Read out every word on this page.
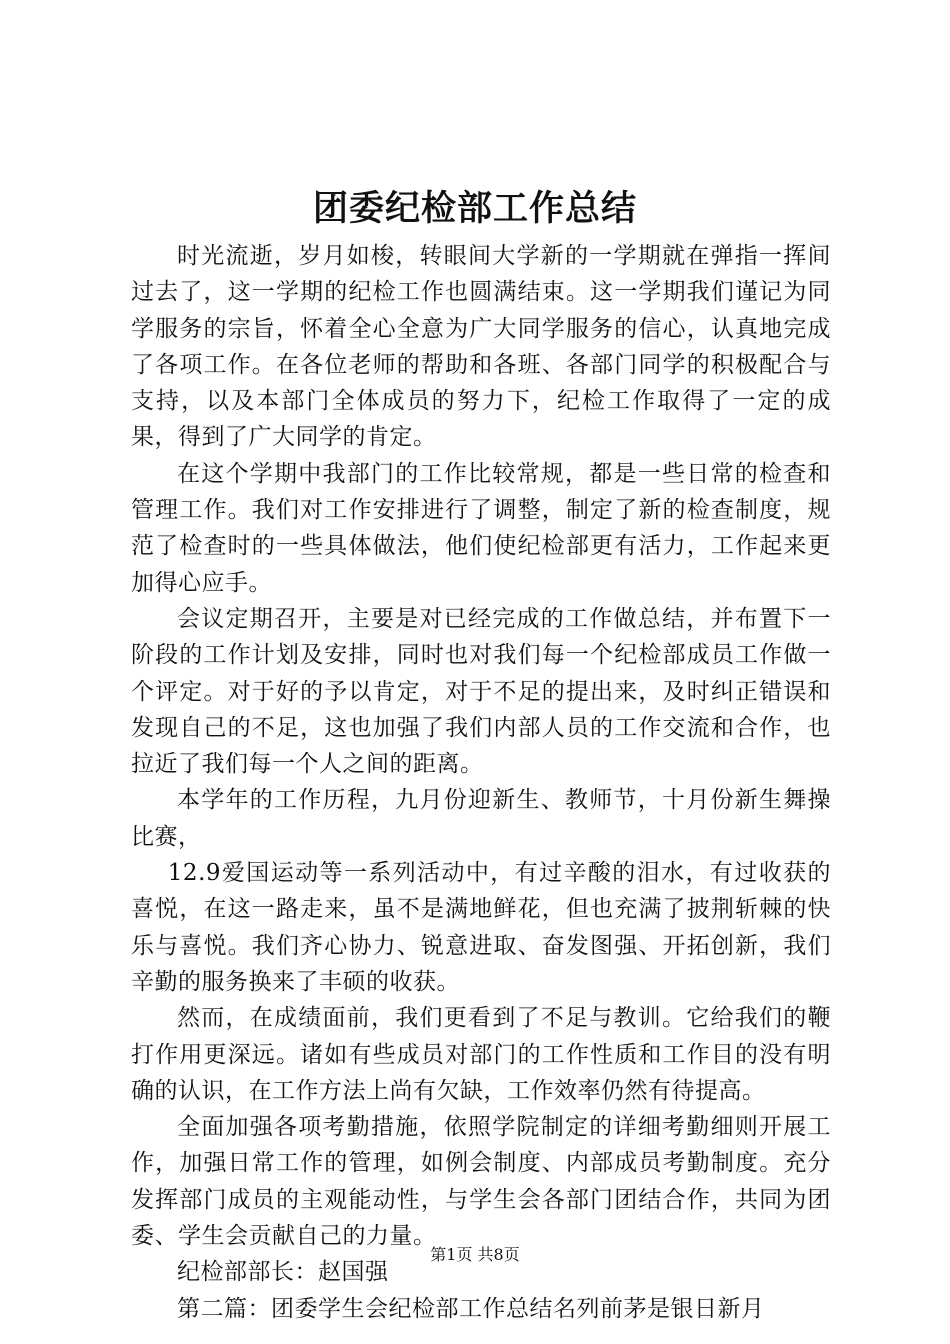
团委纪检部工作总结

时光流逝，岁月如梭，转眼间大学新的一学期就在弹指一挥间过去了，这一学期的纪检工作也圆满结束。这一学期我们谨记为同学服务的宗旨，怀着全心全意为广大同学服务的信心，认真地完成了各项工作。在各位老师的帮助和各班、各部门同学的积极配合与支持，以及本部门全体成员的努力下，纪检工作取得了一定的成果，得到了广大同学的肯定。

在这个学期中我部门的工作比较常规，都是一些日常的检查和管理工作。我们对工作安排进行了调整，制定了新的检查制度，规范了检查时的一些具体做法，他们使纪检部更有活力，工作起来更加得心应手。

会议定期召开，主要是对已经完成的工作做总结，并布置下一阶段的工作计划及安排，同时也对我们每一个纪检部成员工作做一个评定。对于好的予以肯定，对于不足的提出来，及时纠正错误和发现自己的不足，这也加强了我们内部人员的工作交流和合作，也拉近了我们每一个人之间的距离。

本学年的工作历程，九月份迎新生、教师节，十月份新生舞操比赛，

12.9爱国运动等一系列活动中，有过辛酸的泪水，有过收获的喜悦，在这一路走来，虽不是满地鲜花，但也充满了披荆斩棘的快乐与喜悦。我们齐心协力、锐意进取、奋发图强、开拓创新，我们辛勤的服务换来了丰硕的收获。

然而，在成绩面前，我们更看到了不足与教训。它给我们的鞭打作用更深远。诸如有些成员对部门的工作性质和工作目的没有明确的认识，在工作方法上尚有欠缺，工作效率仍然有待提高。

全面加强各项考勤措施，依照学院制定的详细考勤细则开展工作，加强日常工作的管理，如例会制度、内部成员考勤制度。充分发挥部门成员的主观能动性，与学生会各部门团结合作，共同为团委、学生会贡献自己的力量。

纪检部部长：赵国强

第二篇：团委学生会纪检部工作总结名列前茅是银日新月

第1页 共8页
